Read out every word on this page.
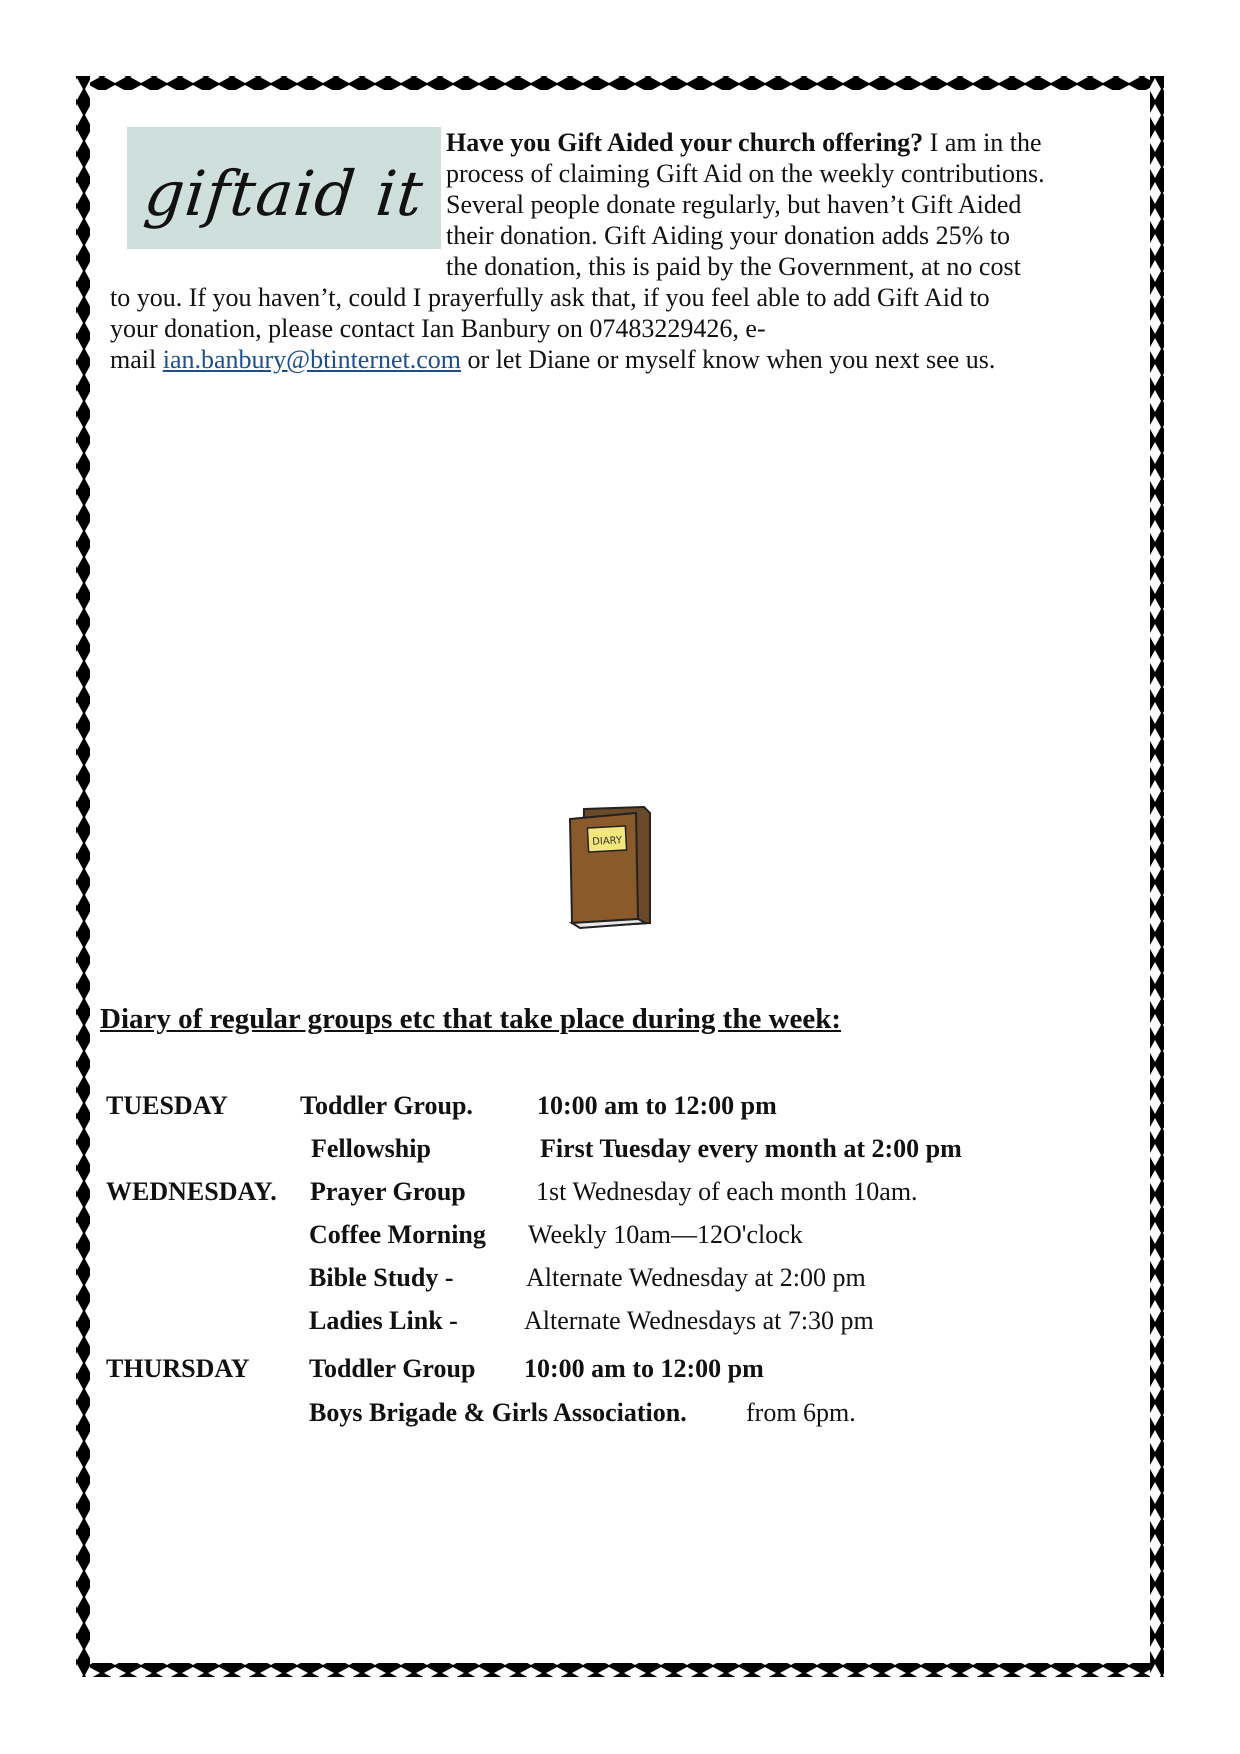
giftaid it
Have you Gift Aided your church offering? I am in the
process of claiming Gift Aid on the weekly contributions.
Several people donate regularly, but haven’t Gift Aided
their donation. Gift Aiding your donation adds 25% to
the donation, this is paid by the Government, at no cost
to you. If you haven’t, could I prayerfully ask that, if you feel able to add Gift Aid to
your donation, please contact Ian Banbury on 07483229426, e-
mail ian.banbury@btinternet.com or let Diane or myself know when you next see us.
DIARY
Diary of regular groups etc that take place during the week:
TUESDAY	Toddler Group. 10:00 am to 12:00 pm
Fellowship	First Tuesday every month at 2:00 pm
WEDNESDAY. Prayer Group	1st Wednesday of each month 10am.
Coffee Morning Weekly 10am—12O'clock
Bible Study -	Alternate Wednesday at 2:00 pm
Ladies Link -	Alternate Wednesdays at 7:30 pm
THURSDAY Toddler Group 10:00 am to 12:00 pm
Boys Brigade & Girls Association. from 6pm.
